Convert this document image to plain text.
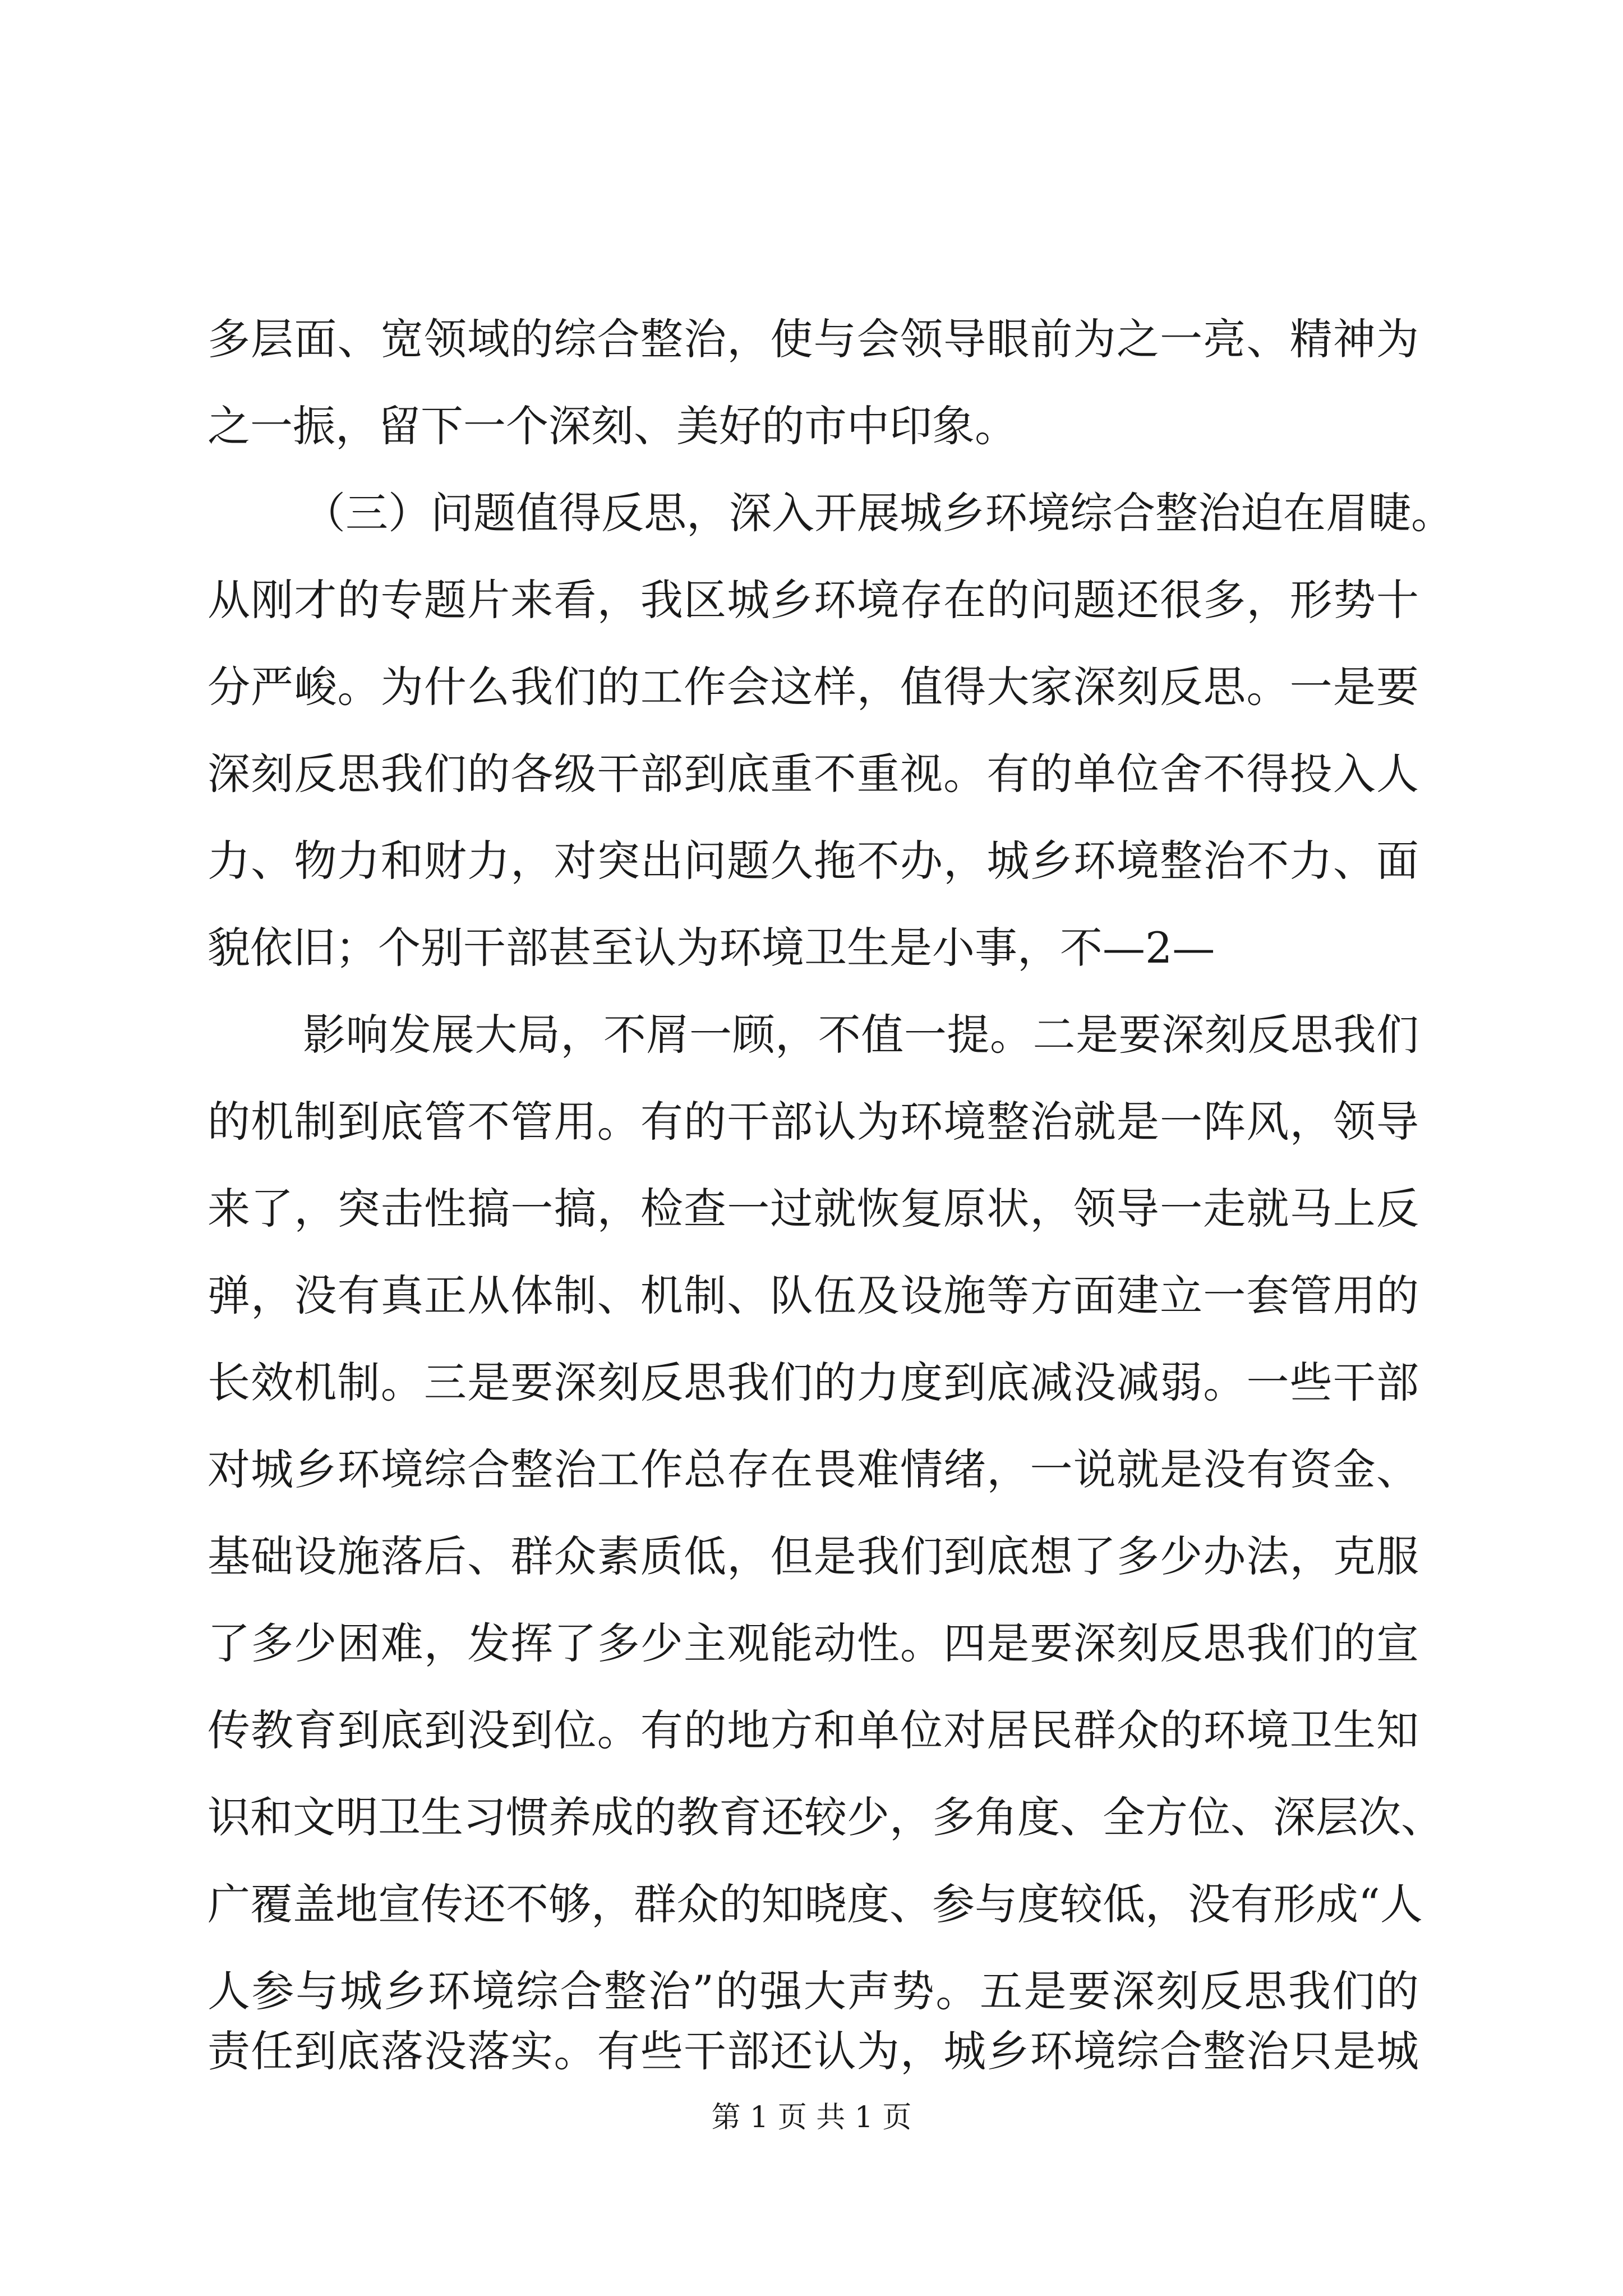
多层面、宽领域的综合整治，使与会领导眼前为之一亮、精神为
之一振，留下一个深刻、美好的市中印象。
（三）问题值得反思，深入开展城乡环境综合整治迫在眉睫。
从刚才的专题片来看，我区城乡环境存在的问题还很多，形势十
分严峻。为什么我们的工作会这样，值得大家深刻反思。一是要
深刻反思我们的各级干部到底重不重视。有的单位舍不得投入人
力、物力和财力，对突出问题久拖不办，城乡环境整治不力、面
貌依旧；个别干部甚至认为环境卫生是小事，不—2—
影响发展大局，不屑一顾，不值一提。二是要深刻反思我们
的机制到底管不管用。有的干部认为环境整治就是一阵风，领导
来了，突击性搞一搞，检查一过就恢复原状，领导一走就马上反
弹，没有真正从体制、机制、队伍及设施等方面建立一套管用的
长效机制。三是要深刻反思我们的力度到底减没减弱。一些干部
对城乡环境综合整治工作总存在畏难情绪，一说就是没有资金、
基础设施落后、群众素质低，但是我们到底想了多少办法，克服
了多少困难，发挥了多少主观能动性。四是要深刻反思我们的宣
传教育到底到没到位。有的地方和单位对居民群众的环境卫生知
识和文明卫生习惯养成的教育还较少，多角度、全方位、深层次、
广覆盖地宣传还不够，群众的知晓度、参与度较低，没有形成“人
人参与城乡环境综合整治”的强大声势。五是要深刻反思我们的
责任到底落没落实。有些干部还认为，城乡环境综合整治只是城
第 1 页 共 1 页
